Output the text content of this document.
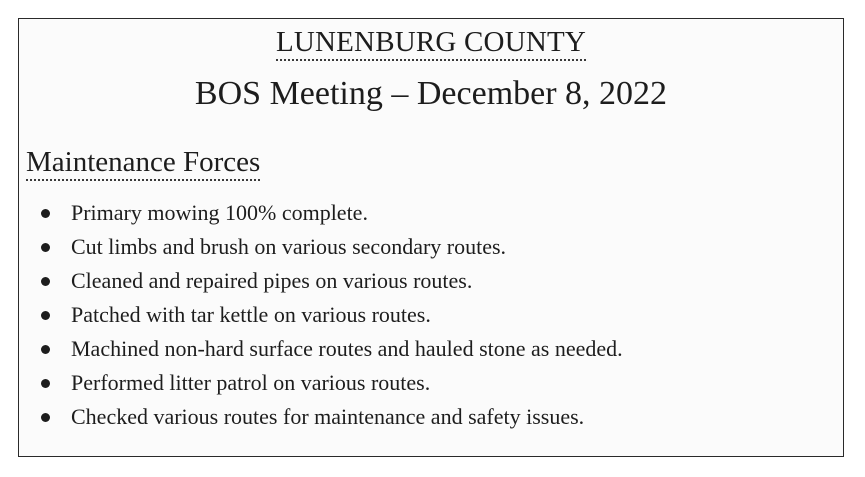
LUNENBURG COUNTY
BOS Meeting – December 8, 2022
Maintenance Forces
Primary mowing 100% complete.
Cut limbs and brush on various secondary routes.
Cleaned and repaired pipes on various routes.
Patched with tar kettle on various routes.
Machined non-hard surface routes and hauled stone as needed.
Performed litter patrol on various routes.
Checked various routes for maintenance and safety issues.
